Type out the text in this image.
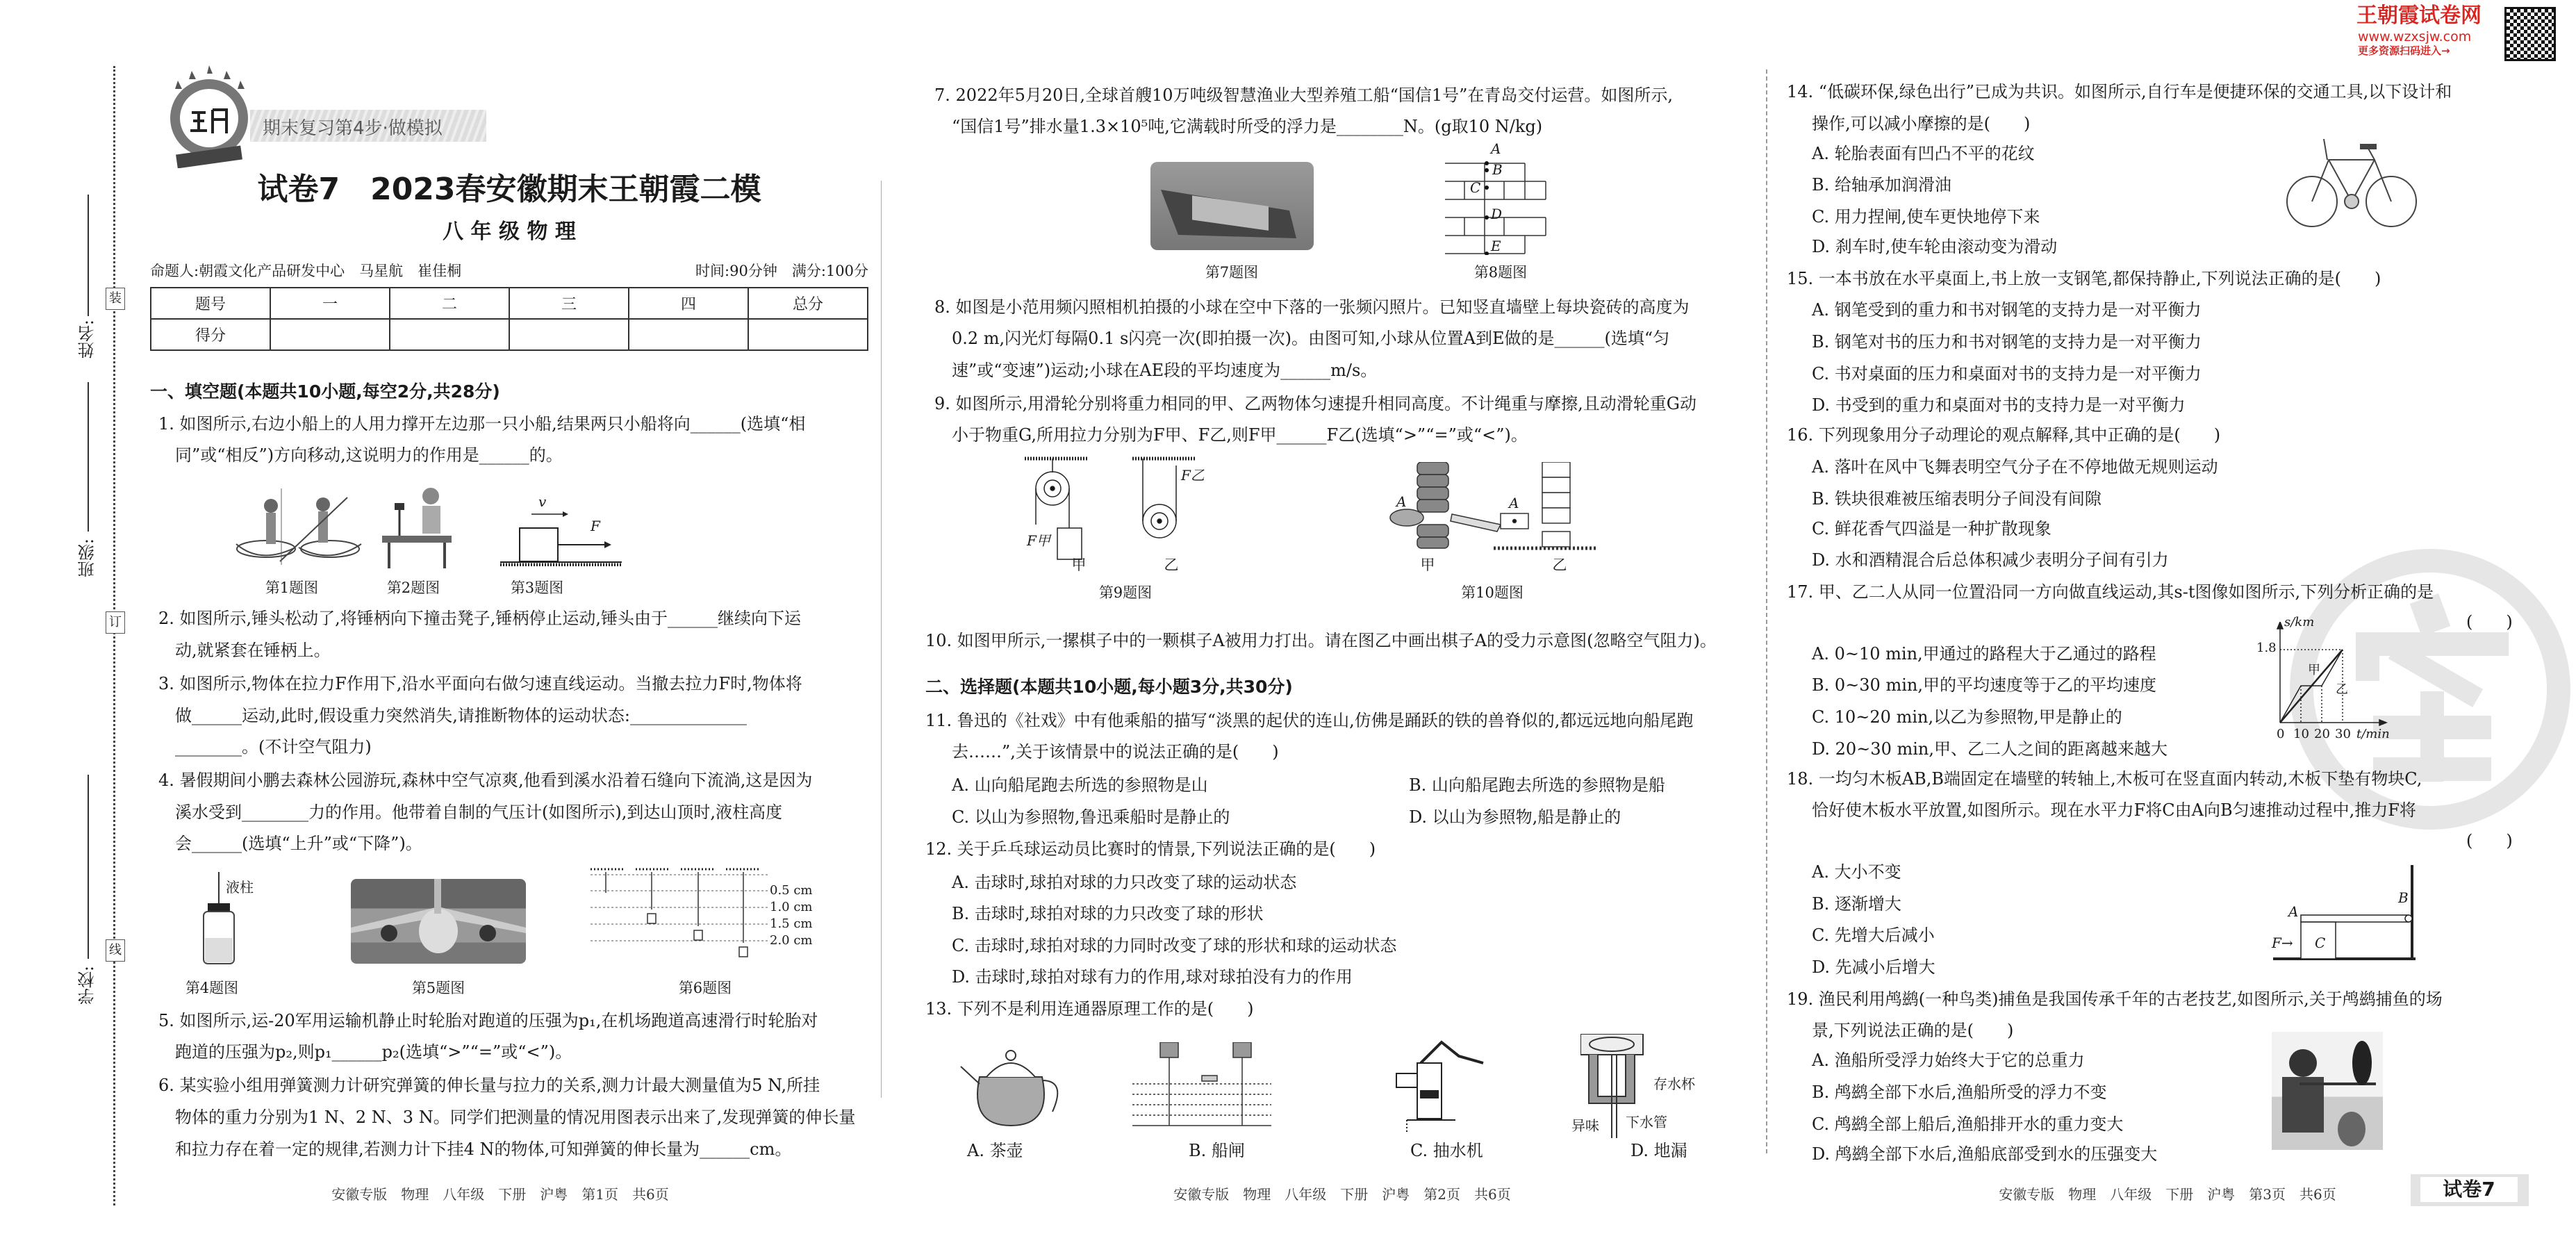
装
订
线
姓名:
班级:
学校:
期末复习第4步·做模拟
试卷7　2023春安徽期末王朝霞二模
八 年 级 物 理
命题人:朝霞文化产品研发中心　马星航　崔佳桐	时间:90分钟　满分:100分
题号	一	二	三	四	总分
得分					
一、填空题(本题共10小题,每空2分,共28分)
1. 如图所示,右边小船上的人用力撑开左边那一只小船,结果两只小船将向______(选填“相
同”或“相反”)方向移动,这说明力的作用是______的。
v
F
第1题图	第2题图	第3题图
2. 如图所示,锤头松动了,将锤柄向下撞击凳子,锤柄停止运动,锤头由于______继续向下运
动,就紧套在锤柄上。
3. 如图所示,物体在拉力F作用下,沿水平面向右做匀速直线运动。当撤去拉力F时,物体将
做______运动,此时,假设重力突然消失,请推断物体的运动状态:______________
________。(不计空气阻力)
4. 暑假期间小鹏去森林公园游玩,森林中空气凉爽,他看到溪水沿着石缝向下流淌,这是因为
溪水受到________力的作用。他带着自制的气压计(如图所示),到达山顶时,液柱高度
会______(选填“上升”或“下降”)。
液柱	0.5 cm
1.0 cm
1.5 cm
2.0 cm
第4题图	第5题图	第6题图
5. 如图所示,运-20军用运输机静止时轮胎对跑道的压强为p₁,在机场跑道高速滑行时轮胎对
跑道的压强为p₂,则p₁______p₂(选填“>”“=”或“<”)。
6. 某实验小组用弹簧测力计研究弹簧的伸长量与拉力的关系,测力计最大测量值为5 N,所挂
物体的重力分别为1 N、2 N、3 N。同学们把测量的情况用图表示出来了,发现弹簧的伸长量
和拉力存在着一定的规律,若测力计下挂4 N的物体,可知弹簧的伸长量为______cm。
安徽专版　物理　八年级　下册　沪粤　第1页　共6页
7. 2022年5月20日,全球首艘10万吨级智慧渔业大型养殖工船“国信1号”在青岛交付运营。如图所示,
“国信1号”排水量1.3×10⁵吨,它满载时所受的浮力是________N。(g取10 N/kg)
A
B
C
D
E
第7题图	第8题图
8. 如图是小范用频闪照相机拍摄的小球在空中下落的一张频闪照片。已知竖直墙壁上每块瓷砖的高度为
0.2 m,闪光灯每隔0.1 s闪亮一次(即拍摄一次)。由图可知,小球从位置A到E做的是______(选填“匀
速”或“变速”)运动;小球在AE段的平均速度为______m/s。
9. 如图所示,用滑轮分别将重力相同的甲、乙两物体匀速提升相同高度。不计绳重与摩擦,且动滑轮重G动
小于物重G,所用拉力分别为F甲、F乙,则F甲______F乙(选填“>”“=”或“<”)。
F甲
F乙
A	A
甲	乙	甲	乙
第9题图	第10题图
10. 如图甲所示,一摞棋子中的一颗棋子A被用力打出。请在图乙中画出棋子A的受力示意图(忽略空气阻力)。
二、选择题(本题共10小题,每小题3分,共30分)
11. 鲁迅的《社戏》中有他乘船的描写“淡黑的起伏的连山,仿佛是踊跃的铁的兽脊似的,都远远地向船尾跑
去……”,关于该情景中的说法正确的是(　　)
A. 山向船尾跑去所选的参照物是山	B. 山向船尾跑去所选的参照物是船
C. 以山为参照物,鲁迅乘船时是静止的	D. 以山为参照物,船是静止的
12. 关于乒乓球运动员比赛时的情景,下列说法正确的是(　　)
A. 击球时,球拍对球的力只改变了球的运动状态
B. 击球时,球拍对球的力只改变了球的形状
C. 击球时,球拍对球的力同时改变了球的形状和球的运动状态
D. 击球时,球拍对球有力的作用,球对球拍没有力的作用
13. 下列不是利用连通器原理工作的是(　　)
存水杯
异味 下水管
A. 茶壶	B. 船闸	C. 抽水机	D. 地漏
安徽专版　物理　八年级　下册　沪粤　第2页　共6页
王朝霞试卷网
www.wzxsjw.com
更多资源扫码进入→
14. “低碳环保,绿色出行”已成为共识。如图所示,自行车是便捷环保的交通工具,以下设计和
操作,可以减小摩擦的是(　　)
A. 轮胎表面有凹凸不平的花纹
B. 给轴承加润滑油
C. 用力捏闸,使车更快地停下来
D. 刹车时,使车轮由滚动变为滑动
15. 一本书放在水平桌面上,书上放一支钢笔,都保持静止,下列说法正确的是(　　)
A. 钢笔受到的重力和书对钢笔的支持力是一对平衡力
B. 钢笔对书的压力和书对钢笔的支持力是一对平衡力
C. 书对桌面的压力和桌面对书的支持力是一对平衡力
D. 书受到的重力和桌面对书的支持力是一对平衡力
16. 下列现象用分子动理论的观点解释,其中正确的是(　　)
A. 落叶在风中飞舞表明空气分子在不停地做无规则运动
B. 铁块很难被压缩表明分子间没有间隙
C. 鲜花香气四溢是一种扩散现象
D. 水和酒精混合后总体积减少表明分子间有引力
17. 甲、乙二人从同一位置沿同一方向做直线运动,其s-t图像如图所示,下列分析正确的是
(　　)
A. 0~10 min,甲通过的路程大于乙通过的路程
B. 0~30 min,甲的平均速度等于乙的平均速度
C. 10~20 min,以乙为参照物,甲是静止的
D. 20~30 min,甲、乙二人之间的距离越来越大
s/km
1.8
甲
乙
0 10 20 30 t/min
18. 一均匀木板AB,B端固定在墙壁的转轴上,木板可在竖直面内转动,木板下垫有物块C,
恰好使木板水平放置,如图所示。现在水平力F将C由A向B匀速推动过程中,推力F将
(　　)
A. 大小不变
B. 逐渐增大
C. 先增大后减小
D. 先减小后增大
A
B
C
F→
19. 渔民利用鸬鹚(一种鸟类)捕鱼是我国传承千年的古老技艺,如图所示,关于鸬鹚捕鱼的场
景,下列说法正确的是(　　)
A. 渔船所受浮力始终大于它的总重力
B. 鸬鹚全部下水后,渔船所受的浮力不变
C. 鸬鹚全部上船后,渔船排开水的重力变大
D. 鸬鹚全部下水后,渔船底部受到水的压强变大
安徽专版　物理　八年级　下册　沪粤　第3页　共6页	试卷7
